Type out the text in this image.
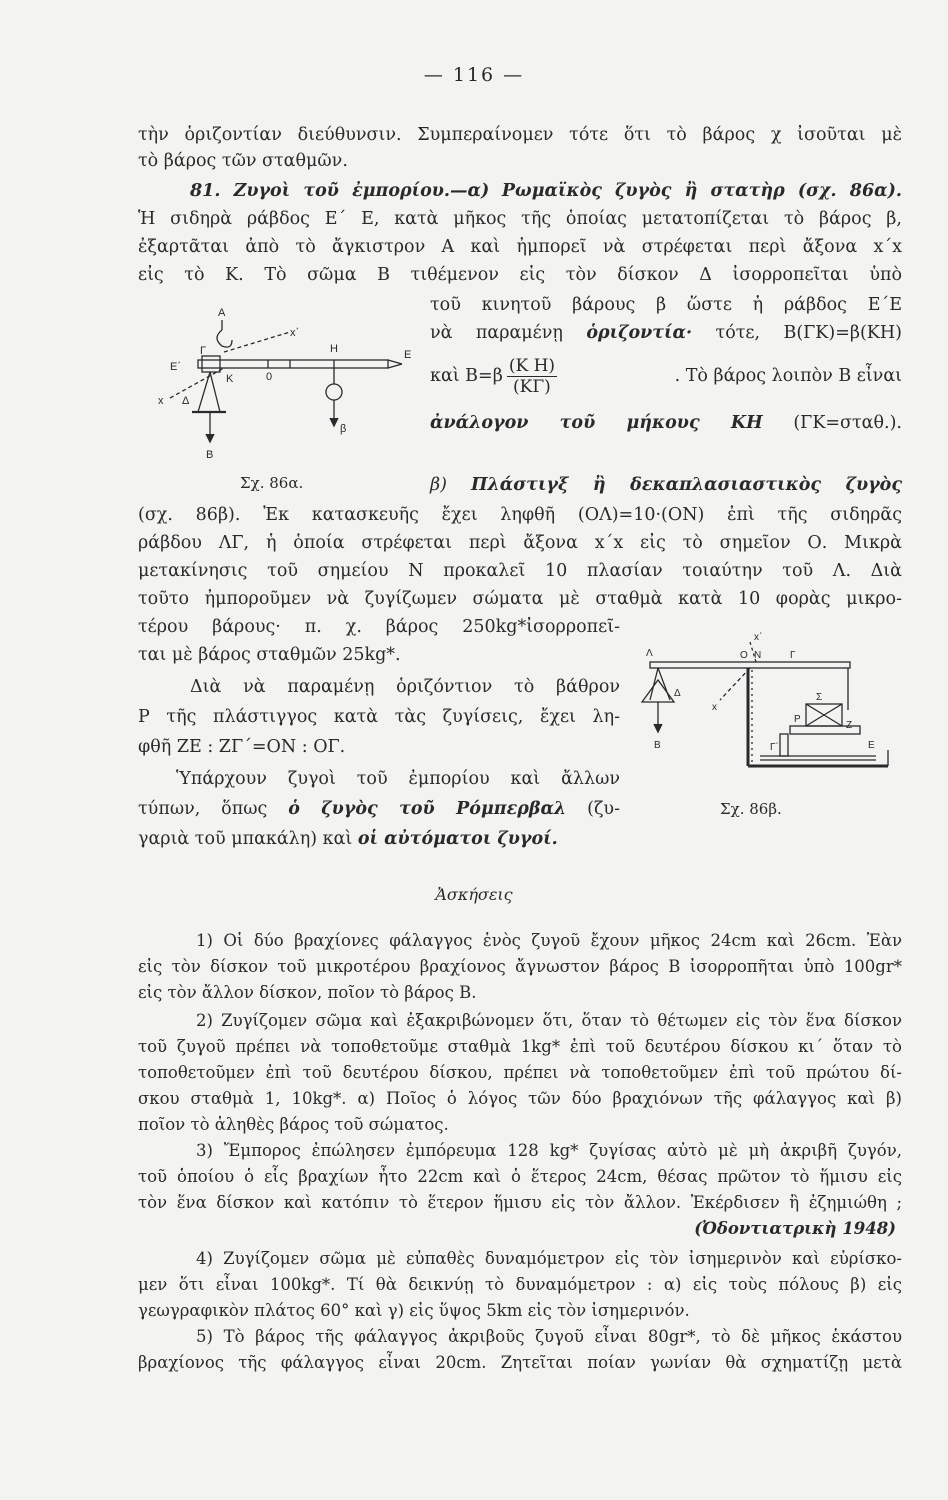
— 116 —
τὴν ὁριζοντίαν διεύθυνσιν. Συμπεραίνομεν τότε ὅτι τὸ βάρος χ ἰσοῦται μὲ
τὸ βάρος τῶν σταθμῶν.
81. Ζυγοὶ τοῦ ἐμπορίου.—α) Ρωμαϊκὸς ζυγὸς ἢ στατὴρ (σχ. 86α).
Ἡ σιδηρὰ ράβδος Ε΄ Ε, κατὰ μῆκος τῆς ὁποίας μετατοπίζεται τὸ βάρος β,
ἐξαρτᾶται ἀπὸ τὸ ἄγκιστρον Α καὶ ἠμπορεῖ νὰ στρέφεται περὶ ἄξονα x΄x
εἰς τὸ Κ. Τὸ σῶμα Β τιθέμενον εἰς τὸν δίσκον Δ ἰσορροπεῖται ὑπὸ
τοῦ κινητοῦ βάρους β ὥστε ἡ ράβδος Ε΄Ε
νὰ παραμένῃ ὁριζοντία· τότε, Β(ΓΚ)=β(ΚΗ)
καὶ $B=\beta \frac{\text{(Κ Η)}}{(K\Gamma)}$	. Τὸ βάρος λοιπὸν Β εἶναι
ἀνάλογον τοῦ μήκους ΚΗ (ΓΚ=σταθ.).
Α
x΄
Η	Ε
Ε΄
Γ
Κ	0
x Δ
Β
β
Σχ. 86α.	β) Πλάστιγξ ἢ δεκαπλασιαστικὸς ζυγὸς
(σχ. 86β). Ἐκ κατασκευῆς ἔχει ληφθῆ (ΟΛ)=10·(ΟΝ) ἐπὶ τῆς σιδηρᾶς
ράβδου ΛΓ, ἡ ὁποία στρέφεται περὶ ἄξονα x΄x εἰς τὸ σημεῖον Ο. Μικρὰ
μετακίνησις τοῦ σημείου Ν προκαλεῖ 10 πλασίαν τοιαύτην τοῦ Λ. Διὰ
τοῦτο ἠμποροῦμεν νὰ ζυγίζωμεν σώματα μὲ σταθμὰ κατὰ 10 φορὰς μικρο-
τέρου βάρους· π. χ. βάρος 250kg*ἰσορροπεῖ-
ται μὲ βάρος σταθμῶν 25kg*.
Διὰ νὰ παραμένῃ ὁριζόντιον τὸ βάθρον
Ρ τῆς πλάστιγγος κατὰ τὰς ζυγίσεις, ἔχει λη-
φθῆ ΖΕ : ΖΓ΄=ΟΝ : ΟΓ.
Ὑπάρχουν ζυγοὶ τοῦ ἐμπορίου καὶ ἄλλων
τύπων, ὅπως ὁ ζυγὸς τοῦ Ρόμπερβαλ (ζυ-
γαριὰ τοῦ μπακάλη) καὶ οἱ αὐτόματοι ζυγοί.
Λ	Ο Ν	Γ
x΄
Δ
x
Σ
Ρ
Ζ
Γ΄	Ε
Β
Σχ. 86β.
Ἀσκήσεις
1) Οἱ δύο βραχίονες φάλαγγος ἑνὸς ζυγοῦ ἔχουν μῆκος 24cm καὶ 26cm. Ἐὰν
εἰς τὸν δίσκον τοῦ μικροτέρου βραχίονος ἄγνωστον βάρος Β ἰσορροπῆται ὑπὸ 100gr*
εἰς τὸν ἄλλον δίσκον, ποῖον τὸ βάρος Β.
2) Ζυγίζομεν σῶμα καὶ ἐξακριβώνομεν ὅτι, ὅταν τὸ θέτωμεν εἰς τὸν ἕνα δίσκον
τοῦ ζυγοῦ πρέπει νὰ τοποθετοῦμε σταθμὰ 1kg* ἐπὶ τοῦ δευτέρου δίσκου κι΄ ὅταν τὸ
τοποθετοῦμεν ἐπὶ τοῦ δευτέρου δίσκου, πρέπει νὰ τοποθετοῦμεν ἐπὶ τοῦ πρώτου δί-
σκου σταθμὰ 1, 10kg*. α) Ποῖος ὁ λόγος τῶν δύο βραχιόνων τῆς φάλαγγος καὶ β)
ποῖον τὸ ἀληθὲς βάρος τοῦ σώματος.
3) Ἔμπορος ἐπώλησεν ἐμπόρευμα 128 kg* ζυγίσας αὐτὸ μὲ μὴ ἀκριβῆ ζυγόν,
τοῦ ὁποίου ὁ εἷς βραχίων ἦτο 22cm καὶ ὁ ἕτερος 24cm, θέσας πρῶτον τὸ ἥμισυ εἰς
τὸν ἕνα δίσκον καὶ κατόπιν τὸ ἕτερον ἥμισυ εἰς τὸν ἄλλον. Ἐκέρδισεν ἢ ἐζημιώθη ;
(Ὀδοντιατρικὴ 1948)
4) Ζυγίζομεν σῶμα μὲ εὐπαθὲς δυναμόμετρον εἰς τὸν ἰσημερινὸν καὶ εὑρίσκο-
μεν ὅτι εἶναι 100kg*. Τί θὰ δεικνύῃ τὸ δυναμόμετρον : α) εἰς τοὺς πόλους β) εἰς
γεωγραφικὸν πλάτος 60° καὶ γ) εἰς ὕψος 5km εἰς τὸν ἰσημερινόν.
5) Τὸ βάρος τῆς φάλαγγος ἀκριβοῦς ζυγοῦ εἶναι 80gr*, τὸ δὲ μῆκος ἑκάστου
βραχίονος τῆς φάλαγγος εἶναι 20cm. Ζητεῖται ποίαν γωνίαν θὰ σχηματίζῃ μετὰ
